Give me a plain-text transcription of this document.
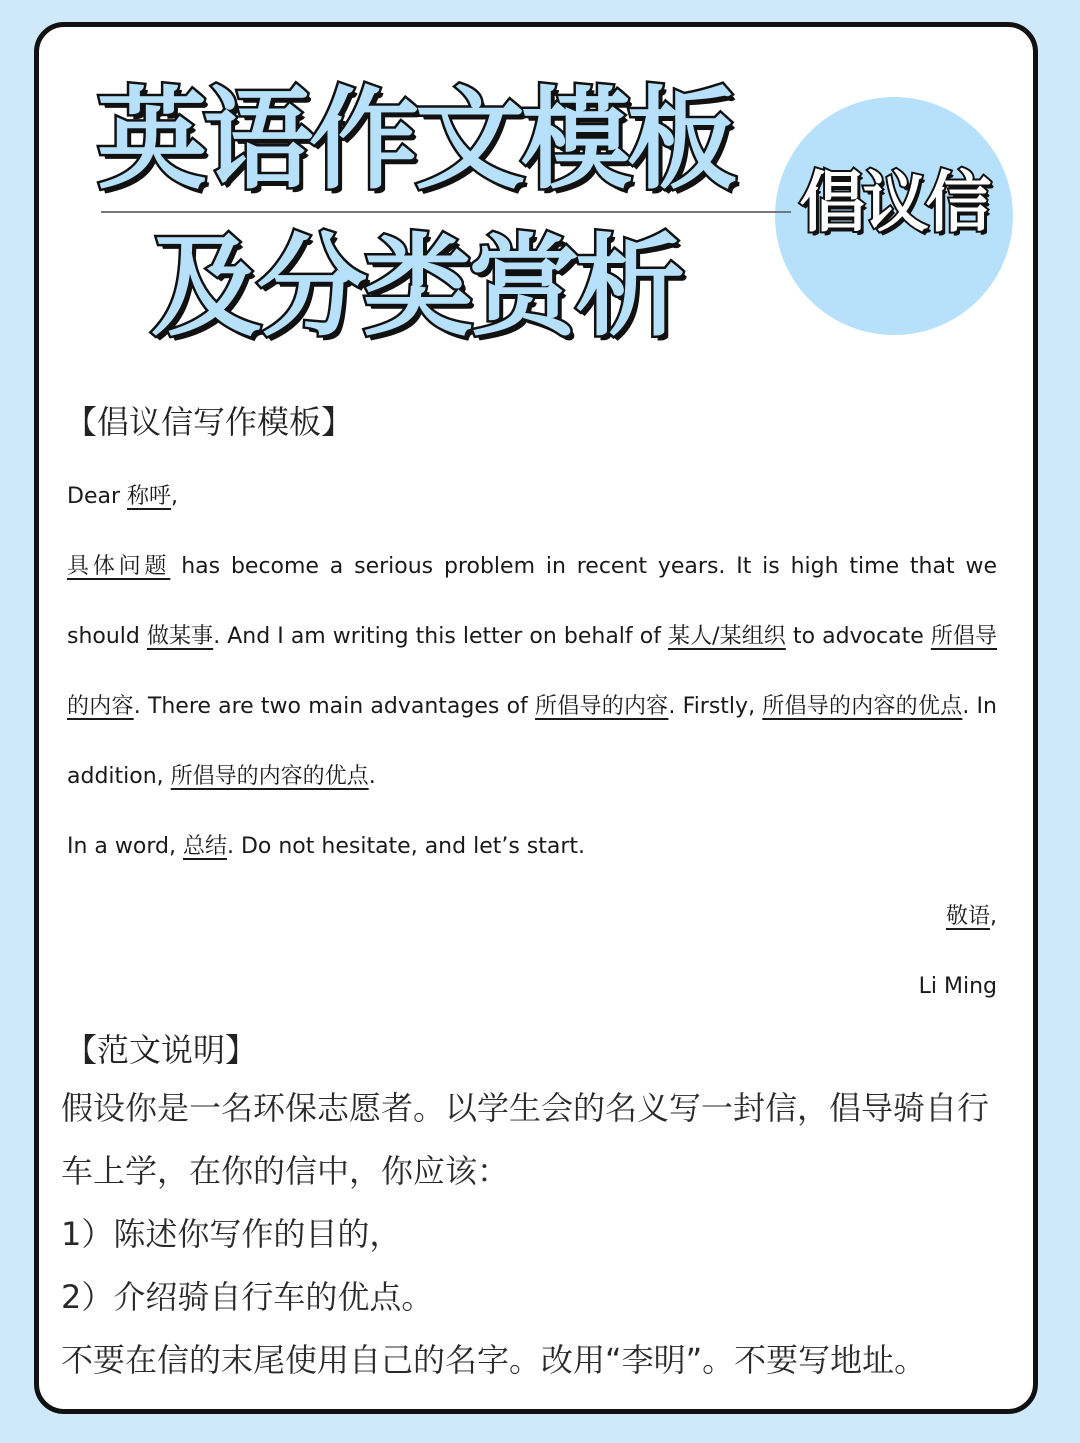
倡议信
英语作文模板
及分类赏析
【倡议信写作模板】

Dear 称呼,

具体问题 has become a serious problem in recent years. It is high time that we should 做某事. And I am writing this letter on behalf of 某人/某组织 to advocate 所倡导的内容. There are two main advantages of 所倡导的内容. Firstly, 所倡导的内容的优点. In addition, 所倡导的内容的优点.

In a word, 总结. Do not hesitate, and let’s start.

敬语,

Li Ming

【范文说明】

假设你是一名环保志愿者。以学生会的名义写一封信，倡导骑自行

车上学，在你的信中，你应该：

1）陈述你写作的目的，

2）介绍骑自行车的优点。

不要在信的末尾使用自己的名字。改用“李明”。不要写地址。
